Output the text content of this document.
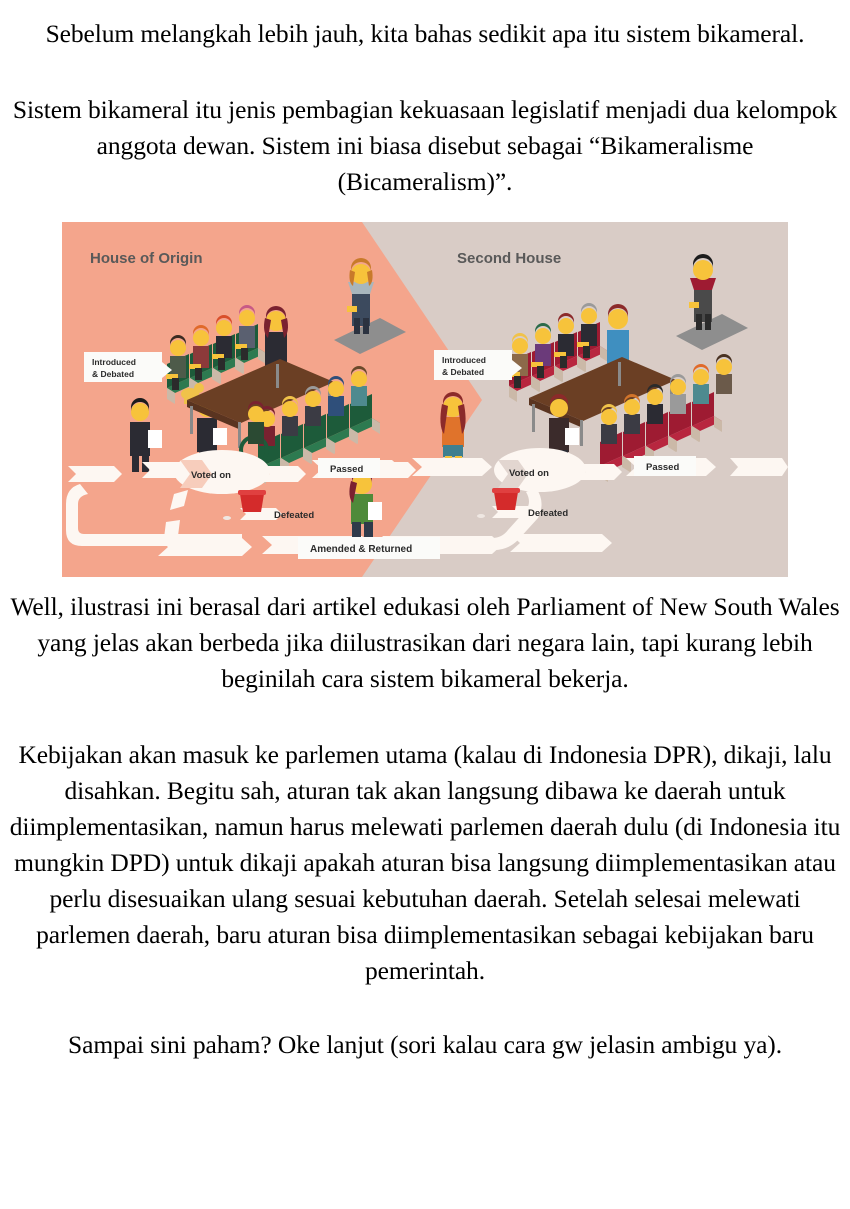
Sebelum melangkah lebih jauh, kita bahas sedikit apa itu sistem bikameral.

Sistem bikameral itu jenis pembagian kekuasaan legislatif menjadi dua kelompok anggota dewan. Sistem ini biasa disebut sebagai “Bikameralisme (Bicameralism)”.

House of Origin	Second House
Introduced
& Debated
Introduced
& Debated
Voted on	Voted on
Passed	Passed
Defeated	Defeated
Amended & Returned

Well, ilustrasi ini berasal dari artikel edukasi oleh Parliament of New South Wales yang jelas akan berbeda jika diilustrasikan dari negara lain, tapi kurang lebih beginilah cara sistem bikameral bekerja.

Kebijakan akan masuk ke parlemen utama (kalau di Indonesia DPR), dikaji, lalu disahkan. Begitu sah, aturan tak akan langsung dibawa ke daerah untuk diimplementasikan, namun harus melewati parlemen daerah dulu (di Indonesia itu mungkin DPD) untuk dikaji apakah aturan bisa langsung diimplementasikan atau perlu disesuaikan ulang sesuai kebutuhan daerah. Setelah selesai melewati parlemen daerah, baru aturan bisa diimplementasikan sebagai kebijakan baru pemerintah.

Sampai sini paham? Oke lanjut (sori kalau cara gw jelasin ambigu ya).
